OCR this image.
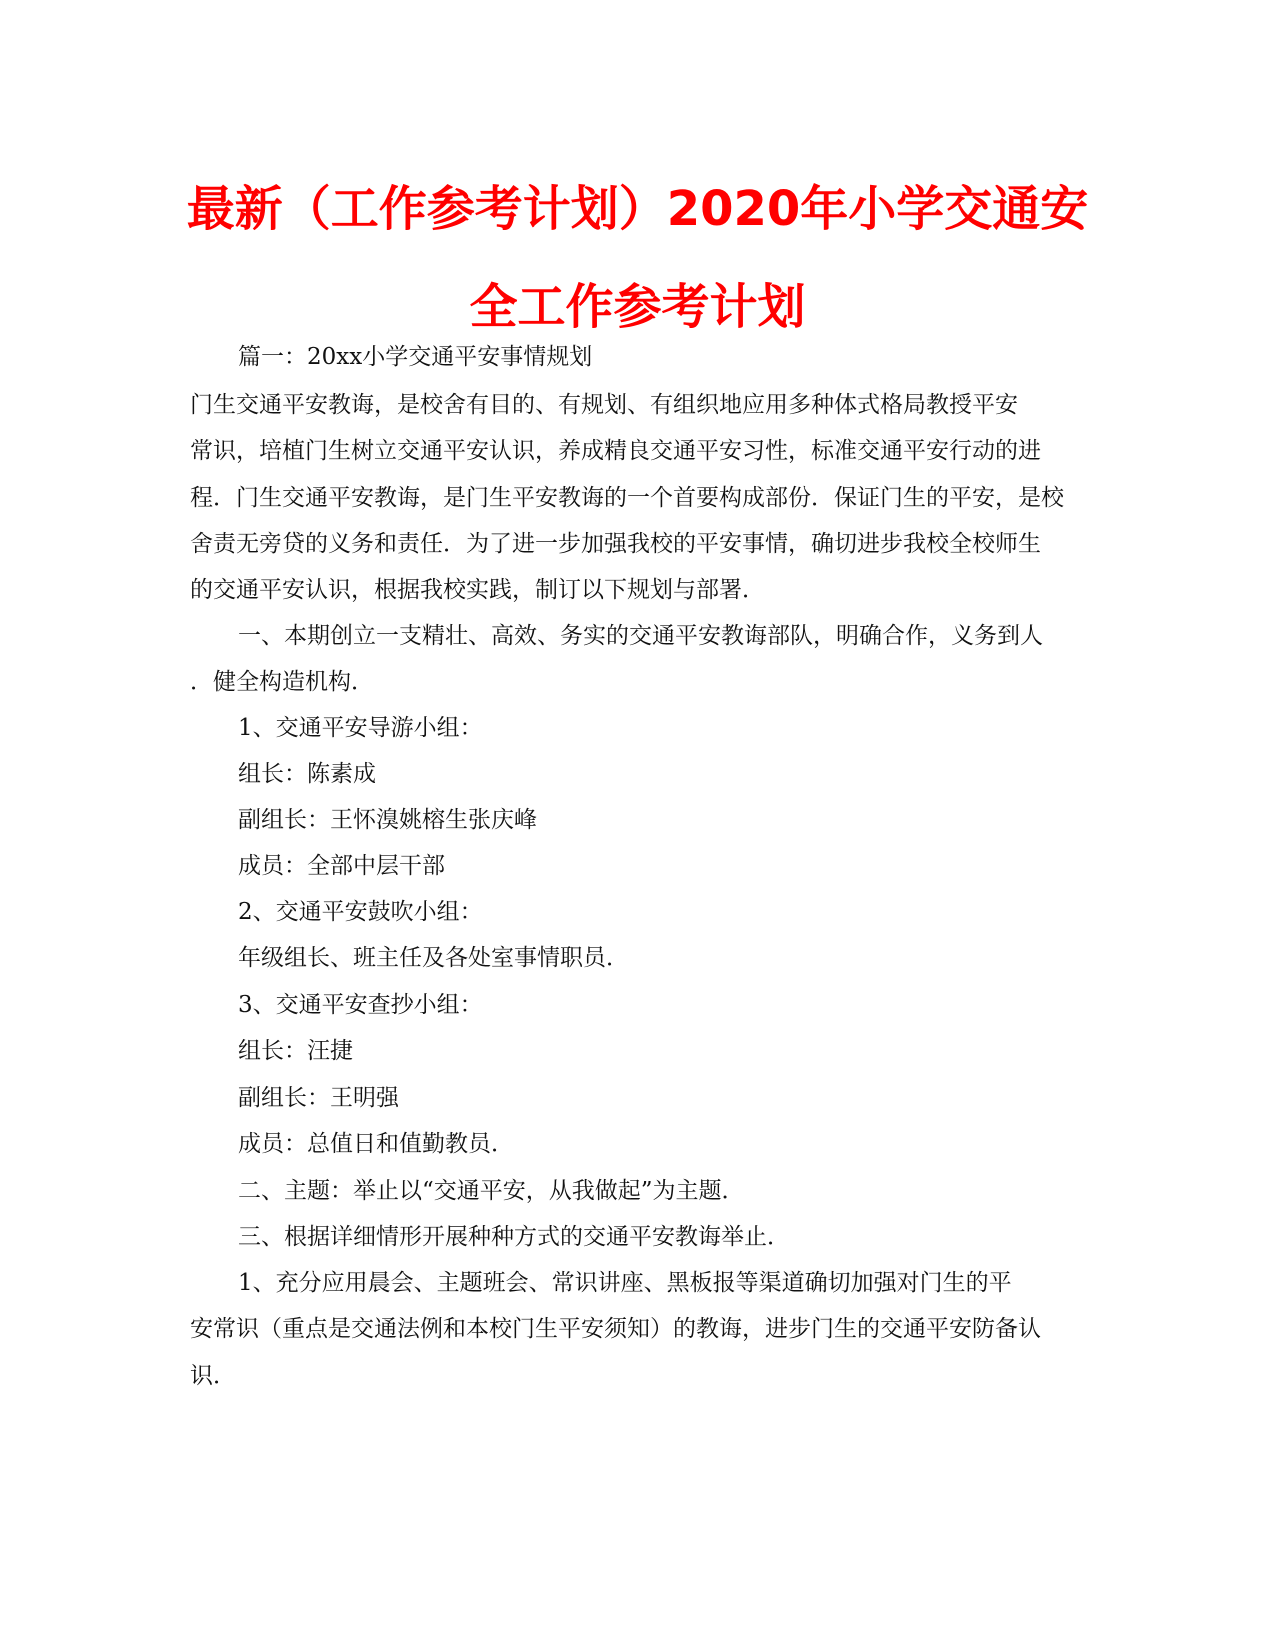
最新（工作参考计划）2020年小学交通安
全工作参考计划
篇一：20xx小学交通平安事情规划
门生交通平安教诲，是校舍有目的、有规划、有组织地应用多种体式格局教授平安
常识，培植门生树立交通平安认识，养成精良交通平安习性，标准交通平安行动的进
程．门生交通平安教诲，是门生平安教诲的一个首要构成部份．保证门生的平安，是校
舍责无旁贷的义务和责任．为了进一步加强我校的平安事情，确切进步我校全校师生
的交通平安认识，根据我校实践，制订以下规划与部署．
一、本期创立一支精壮、高效、务实的交通平安教诲部队，明确合作，义务到人
．健全构造机构．
1、交通平安导游小组：
组长：陈素成
副组长：王怀溴姚榕生张庆峰
成员：全部中层干部
2、交通平安鼓吹小组：
年级组长、班主任及各处室事情职员．
3、交通平安查抄小组：
组长：汪捷
副组长：王明强
成员：总值日和值勤教员．
二、主题：举止以“交通平安，从我做起”为主题．
三、根据详细情形开展种种方式的交通平安教诲举止．
1、充分应用晨会、主题班会、常识讲座、黑板报等渠道确切加强对门生的平
安常识（重点是交通法例和本校门生平安须知）的教诲，进步门生的交通平安防备认
识．
